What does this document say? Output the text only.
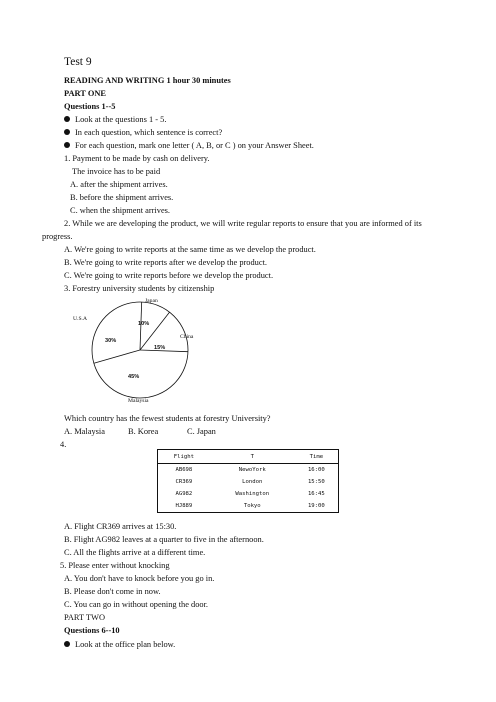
Test 9
READING AND WRITING 1 hour 30 minutes
PART ONE
Questions 1--5
Look at the questions 1 - 5.
In each question, which sentence is correct?
For each question, mark one letter ( A, B, or C ) on your Answer Sheet.
1. Payment to be made by cash on delivery.
The invoice has to be paid
A. after the shipment arrives.
B. before the shipment arrives.
C. when the shipment arrives.
2. While we are developing the product, we will write regular reports to ensure that you are informed of its
progress.
A. We're going to write reports at the same time as we develop the product.
B. We're going to write reports after we develop the product.
C. We're going to write reports before we develop the product.
3. Forestry university students by citizenship
Japan
China
U.S.A
Malaysia
10%
15%
45%
30%
Which country has the fewest students at forestry University?
A. Malaysia	B. Korea	C. Japan
4.
Flight	T	Time
AB698	NewoYork	16:00
CR369	London	15:50
AG982	Washington	16:45
HJ889	Tokyo	19:00
A. Flight CR369 arrives at 15:30.
B. Flight AG982 leaves at a quarter to five in the afternoon.
C. All the flights arrive at a different time.
5. Please enter without knocking
A. You don't have to knock before you go in.
B. Please don't come in now.
C. You can go in without opening the door.
PART TWO
Questions 6--10
Look at the office plan below.
